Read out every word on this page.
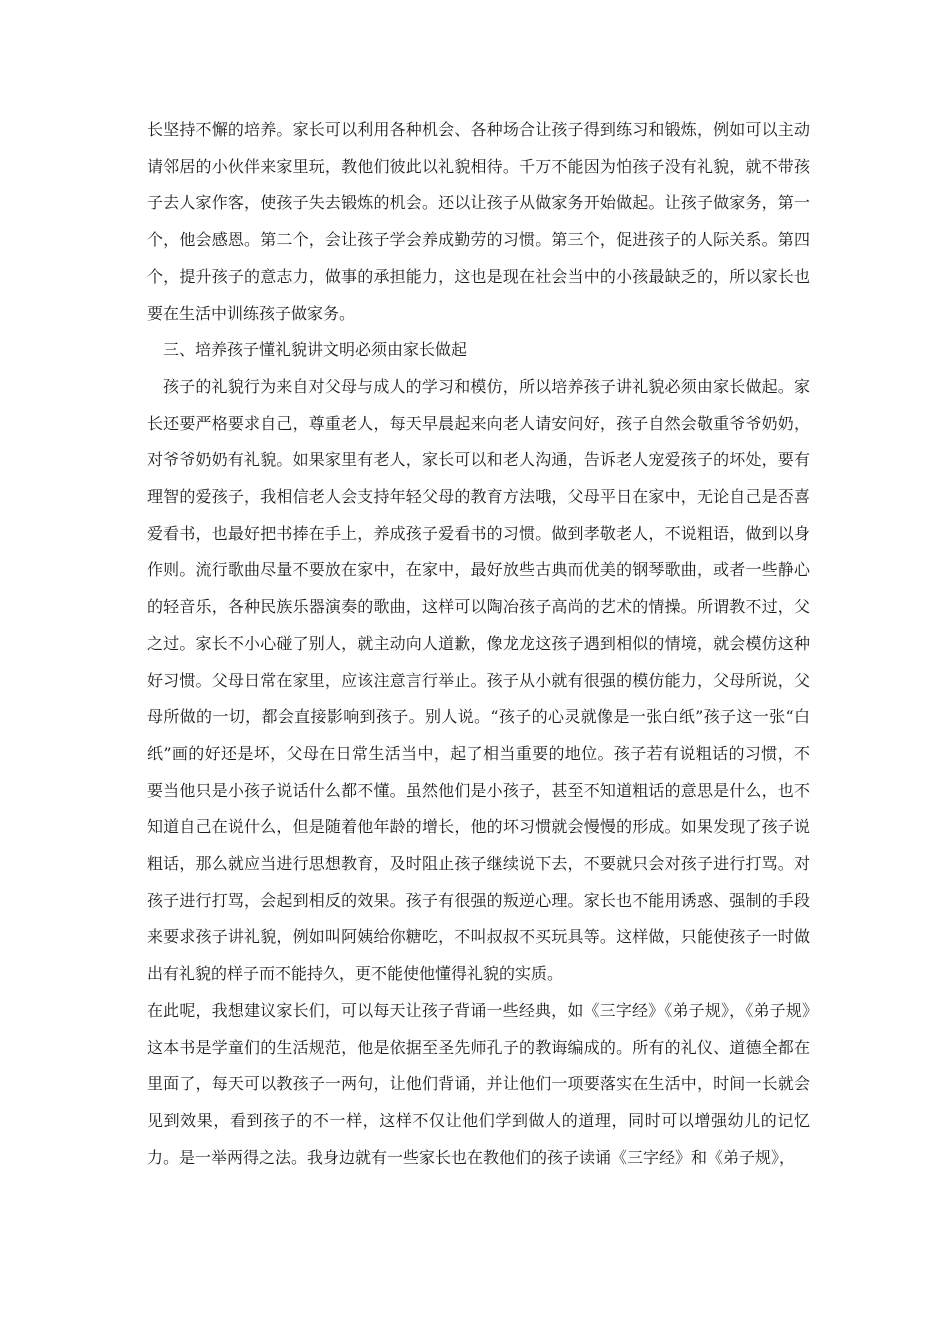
长坚持不懈的培养。家长可以利用各种机会、各种场合让孩子得到练习和锻炼，例如可以主动请邻居的小伙伴来家里玩，教他们彼此以礼貌相待。千万不能因为怕孩子没有礼貌，就不带孩子去人家作客，使孩子失去锻炼的机会。还以让孩子从做家务开始做起。让孩子做家务，第一个，他会感恩。第二个，会让孩子学会养成勤劳的习惯。第三个，促进孩子的人际关系。第四个，提升孩子的意志力，做事的承担能力，这也是现在社会当中的小孩最缺乏的，所以家长也要在生活中训练孩子做家务。

三、培养孩子懂礼貌讲文明必须由家长做起

孩子的礼貌行为来自对父母与成人的学习和模仿，所以培养孩子讲礼貌必须由家长做起。家长还要严格要求自己，尊重老人，每天早晨起来向老人请安问好，孩子自然会敬重爷爷奶奶，对爷爷奶奶有礼貌。如果家里有老人，家长可以和老人沟通，告诉老人宠爱孩子的坏处，要有理智的爱孩子，我相信老人会支持年轻父母的教育方法哦，父母平日在家中，无论自己是否喜爱看书，也最好把书捧在手上，养成孩子爱看书的习惯。做到孝敬老人，不说粗语，做到以身作则。流行歌曲尽量不要放在家中，在家中，最好放些古典而优美的钢琴歌曲，或者一些静心的轻音乐，各种民族乐器演奏的歌曲，这样可以陶冶孩子高尚的艺术的情操。所谓教不过，父之过。家长不小心碰了别人，就主动向人道歉，像龙龙这孩子遇到相似的情境，就会模仿这种好习惯。父母日常在家里，应该注意言行举止。孩子从小就有很强的模仿能力，父母所说，父母所做的一切，都会直接影响到孩子。别人说。“孩子的心灵就像是一张白纸”孩子这一张“白纸”画的好还是坏，父母在日常生活当中，起了相当重要的地位。孩子若有说粗话的习惯，不要当他只是小孩子说话什么都不懂。虽然他们是小孩子，甚至不知道粗话的意思是什么，也不知道自己在说什么，但是随着他年龄的增长，他的坏习惯就会慢慢的形成。如果发现了孩子说粗话，那么就应当进行思想教育，及时阻止孩子继续说下去，不要就只会对孩子进行打骂。对孩子进行打骂，会起到相反的效果。孩子有很强的叛逆心理。家长也不能用诱惑、强制的手段来要求孩子讲礼貌，例如叫阿姨给你糖吃，不叫叔叔不买玩具等。这样做，只能使孩子一时做出有礼貌的样子而不能持久，更不能使他懂得礼貌的实质。

在此呢，我想建议家长们，可以每天让孩子背诵一些经典，如《三字经》《弟子规》，《弟子规》这本书是学童们的生活规范，他是依据至圣先师孔子的教诲编成的。所有的礼仪、道德全都在里面了，每天可以教孩子一两句，让他们背诵，并让他们一项要落实在生活中，时间一长就会见到效果，看到孩子的不一样，这样不仅让他们学到做人的道理，同时可以增强幼儿的记忆力。是一举两得之法。我身边就有一些家长也在教他们的孩子读诵《三字经》和《弟子规》，
